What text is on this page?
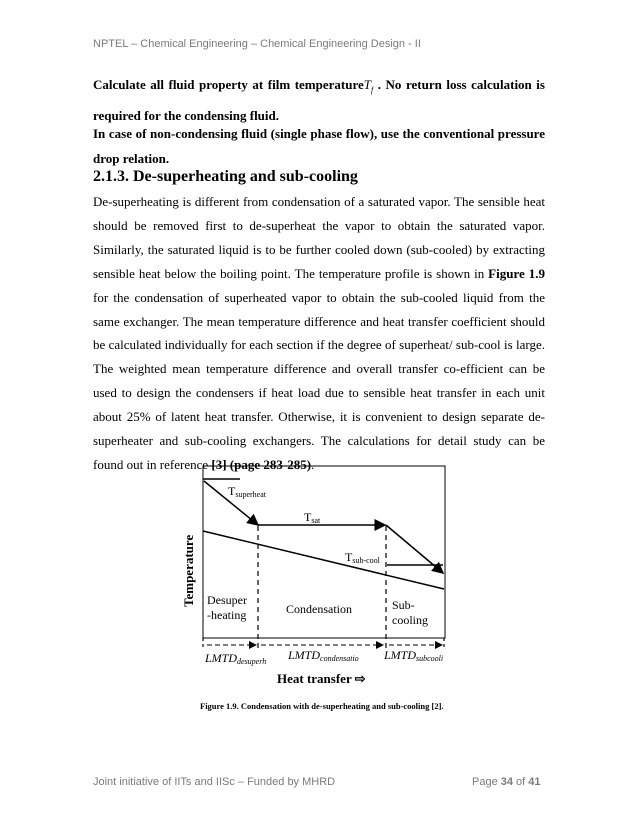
NPTEL – Chemical Engineering – Chemical Engineering Design - II
Calculate all fluid property at film temperatureT$_f$ . No return loss calculation is required for the condensing fluid.
In case of non-condensing fluid (single phase flow), use the conventional pressure drop relation.
2.1.3. De-superheating and sub-cooling
De-superheating is different from condensation of a saturated vapor. The sensible heat should be removed first to de-superheat the vapor to obtain the saturated vapor. Similarly, the saturated liquid is to be further cooled down (sub-cooled) by extracting sensible heat below the boiling point. The temperature profile is shown in Figure 1.9 for the condensation of superheated vapor to obtain the sub-cooled liquid from the same exchanger. The mean temperature difference and heat transfer coefficient should be calculated individually for each section if the degree of superheat/ sub-cool is large. The weighted mean temperature difference and overall transfer co-efficient can be used to design the condensers if heat load due to sensible heat transfer in each unit about 25% of latent heat transfer. Otherwise, it is convenient to design separate de-superheater and sub-cooling exchangers. The calculations for detail study can be found out in reference [3] (page 283-285).
Tsuperheat
Tsat
Tsub-cool
Desuper
-heating	Condensation	Sub-
cooling
LMTDdesuperh LMTDcondensatio LMTDsubcooli
Temperature
Heat transfer ⇨
Figure 1.9. Condensation with de-superheating and sub-cooling [2].
Joint initiative of IITs and IISc – Funded by MHRD	Page 34 of 41
